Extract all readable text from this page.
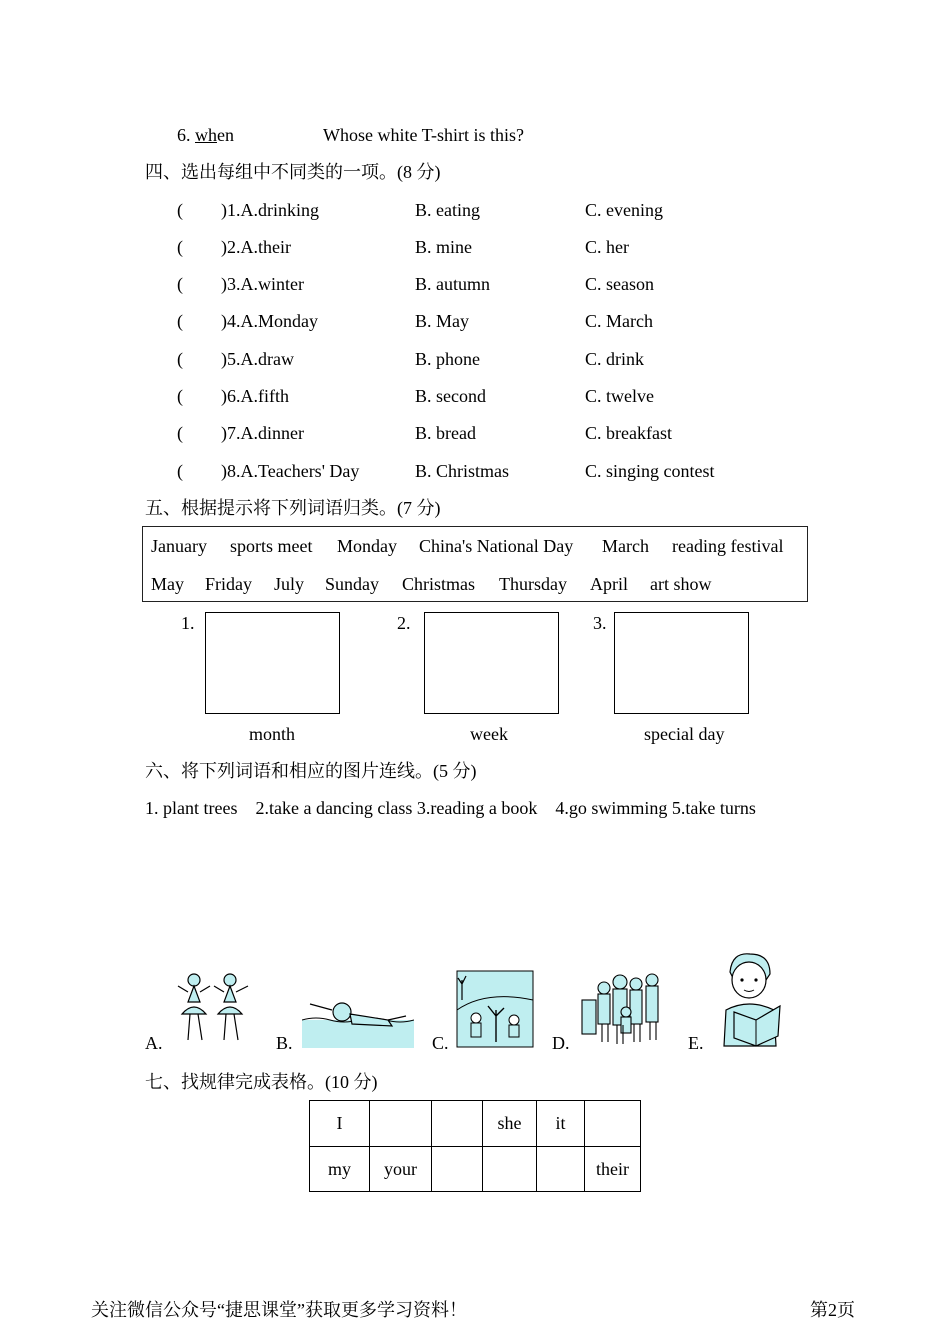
6. when	Whose white T-shirt is this?
四、选出每组中不同类的一项。(8 分)
( )1.A.drinking	B. eating	C. evening
( )2.A.their	B. mine	C. her
( )3.A.winter	B. autumn	C. season
( )4.A.Monday	B. May	C. March
( )5.A.draw	B. phone	C. drink
( )6.A.fifth	B. second	C. twelve
( )7.A.dinner	B. bread	C. breakfast
( )8.A.Teachers' Day	B. Christmas	C. singing contest
五、根据提示将下列词语归类。(7 分)
January sports meet Monday China's National Day March reading festival
May Friday July Sunday Christmas Thursday April art show
1.
month
2.
week
3.
special day
六、将下列词语和相应的图片连线。(5 分)
1. plant trees    2.take a dancing class 3.reading a book    4.go swimming 5.take turns
A.	B.	C.	D.	E.
七、找规律完成表格。(10 分)
I			she	it	
my	your				their
关注微信公众号“捷思课堂”获取更多学习资料！	第2页
